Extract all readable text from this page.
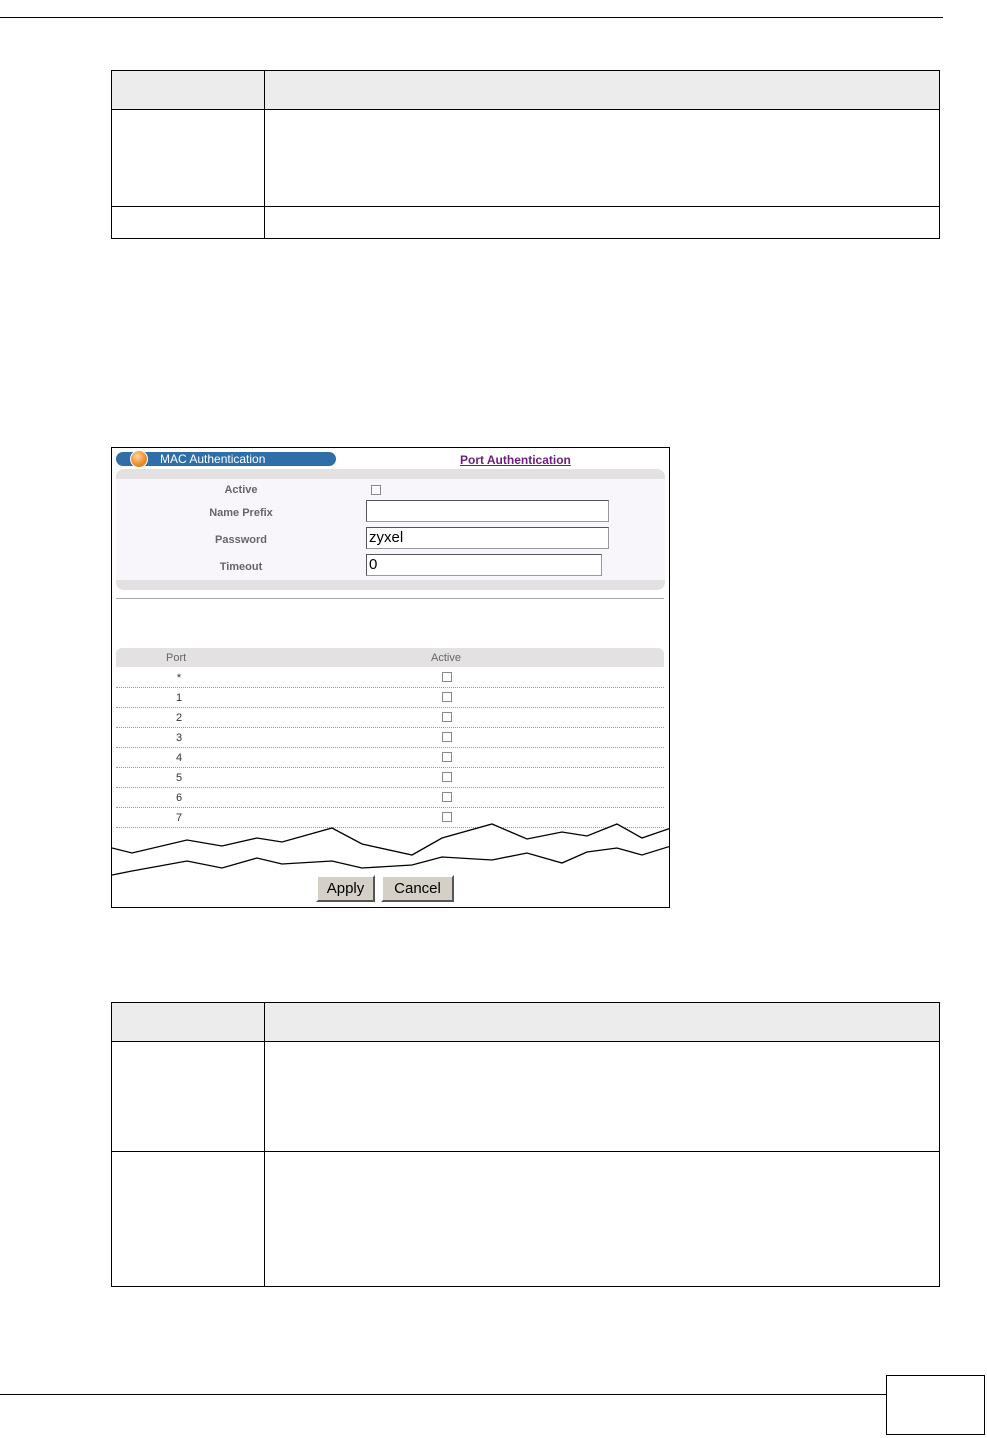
MAC Authentication	Port Authentication
Active
Name Prefix
Password	zyxel
Timeout	0
Port	Active
*
1
2
3
4
5
6
7
Apply	Cancel
